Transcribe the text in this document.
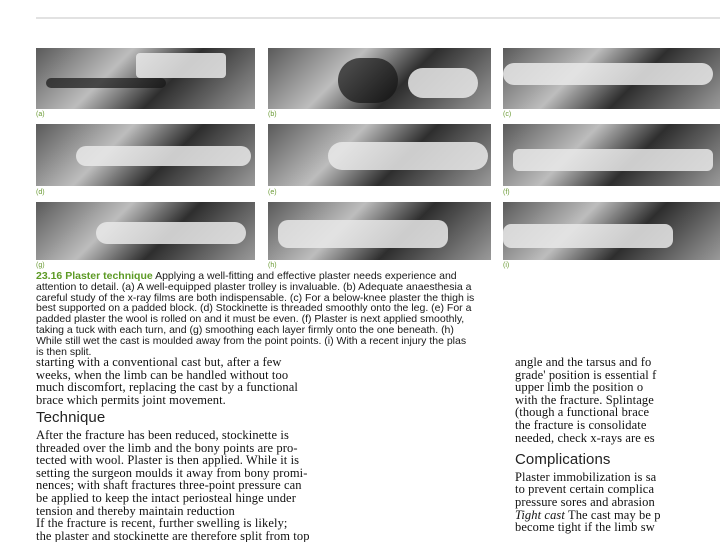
(a)	(b)	(c)
(d)	(e)	(f)
(g)	(h)	(i)
23.16 Plaster technique Applying a well-fitting and effective plaster needs experience and
attention to detail. (a) A well-equipped plaster trolley is invaluable. (b) Adequate anaesthesia a
careful study of the x-ray films are both indispensable. (c) For a below-knee plaster the thigh is
best supported on a padded block. (d) Stockinette is threaded smoothly onto the leg. (e) For a
padded plaster the wool is rolled on and it must be even. (f) Plaster is next applied smoothly,
taking a tuck with each turn, and (g) smoothing each layer firmly onto the one beneath. (h)
While still wet the cast is moulded away from the point points. (i) With a recent injury the plas
is then split.
starting with a conventional cast but, after a few
weeks, when the limb can be handled without too
much discomfort, replacing the cast by a functional
brace which permits joint movement.
Technique
After the fracture has been reduced, stockinette is
threaded over the limb and the bony points are pro-
tected with wool. Plaster is then applied. While it is
setting the surgeon moulds it away from bony promi-
nences; with shaft fractures three-point pressure can
be applied to keep the intact periosteal hinge under
tension and thereby maintain reduction
If the fracture is recent, further swelling is likely;
the plaster and stockinette are therefore split from top
angle and the tarsus and fo
grade' position is essential f
upper limb the position o
with the fracture. Splintage
(though a functional brace
the fracture is consolidate
needed, check x-rays are es
Complications
Plaster immobilization is sa
to prevent certain complica
pressure sores and abrasion
Tight cast The cast may be p
become tight if the limb sw
